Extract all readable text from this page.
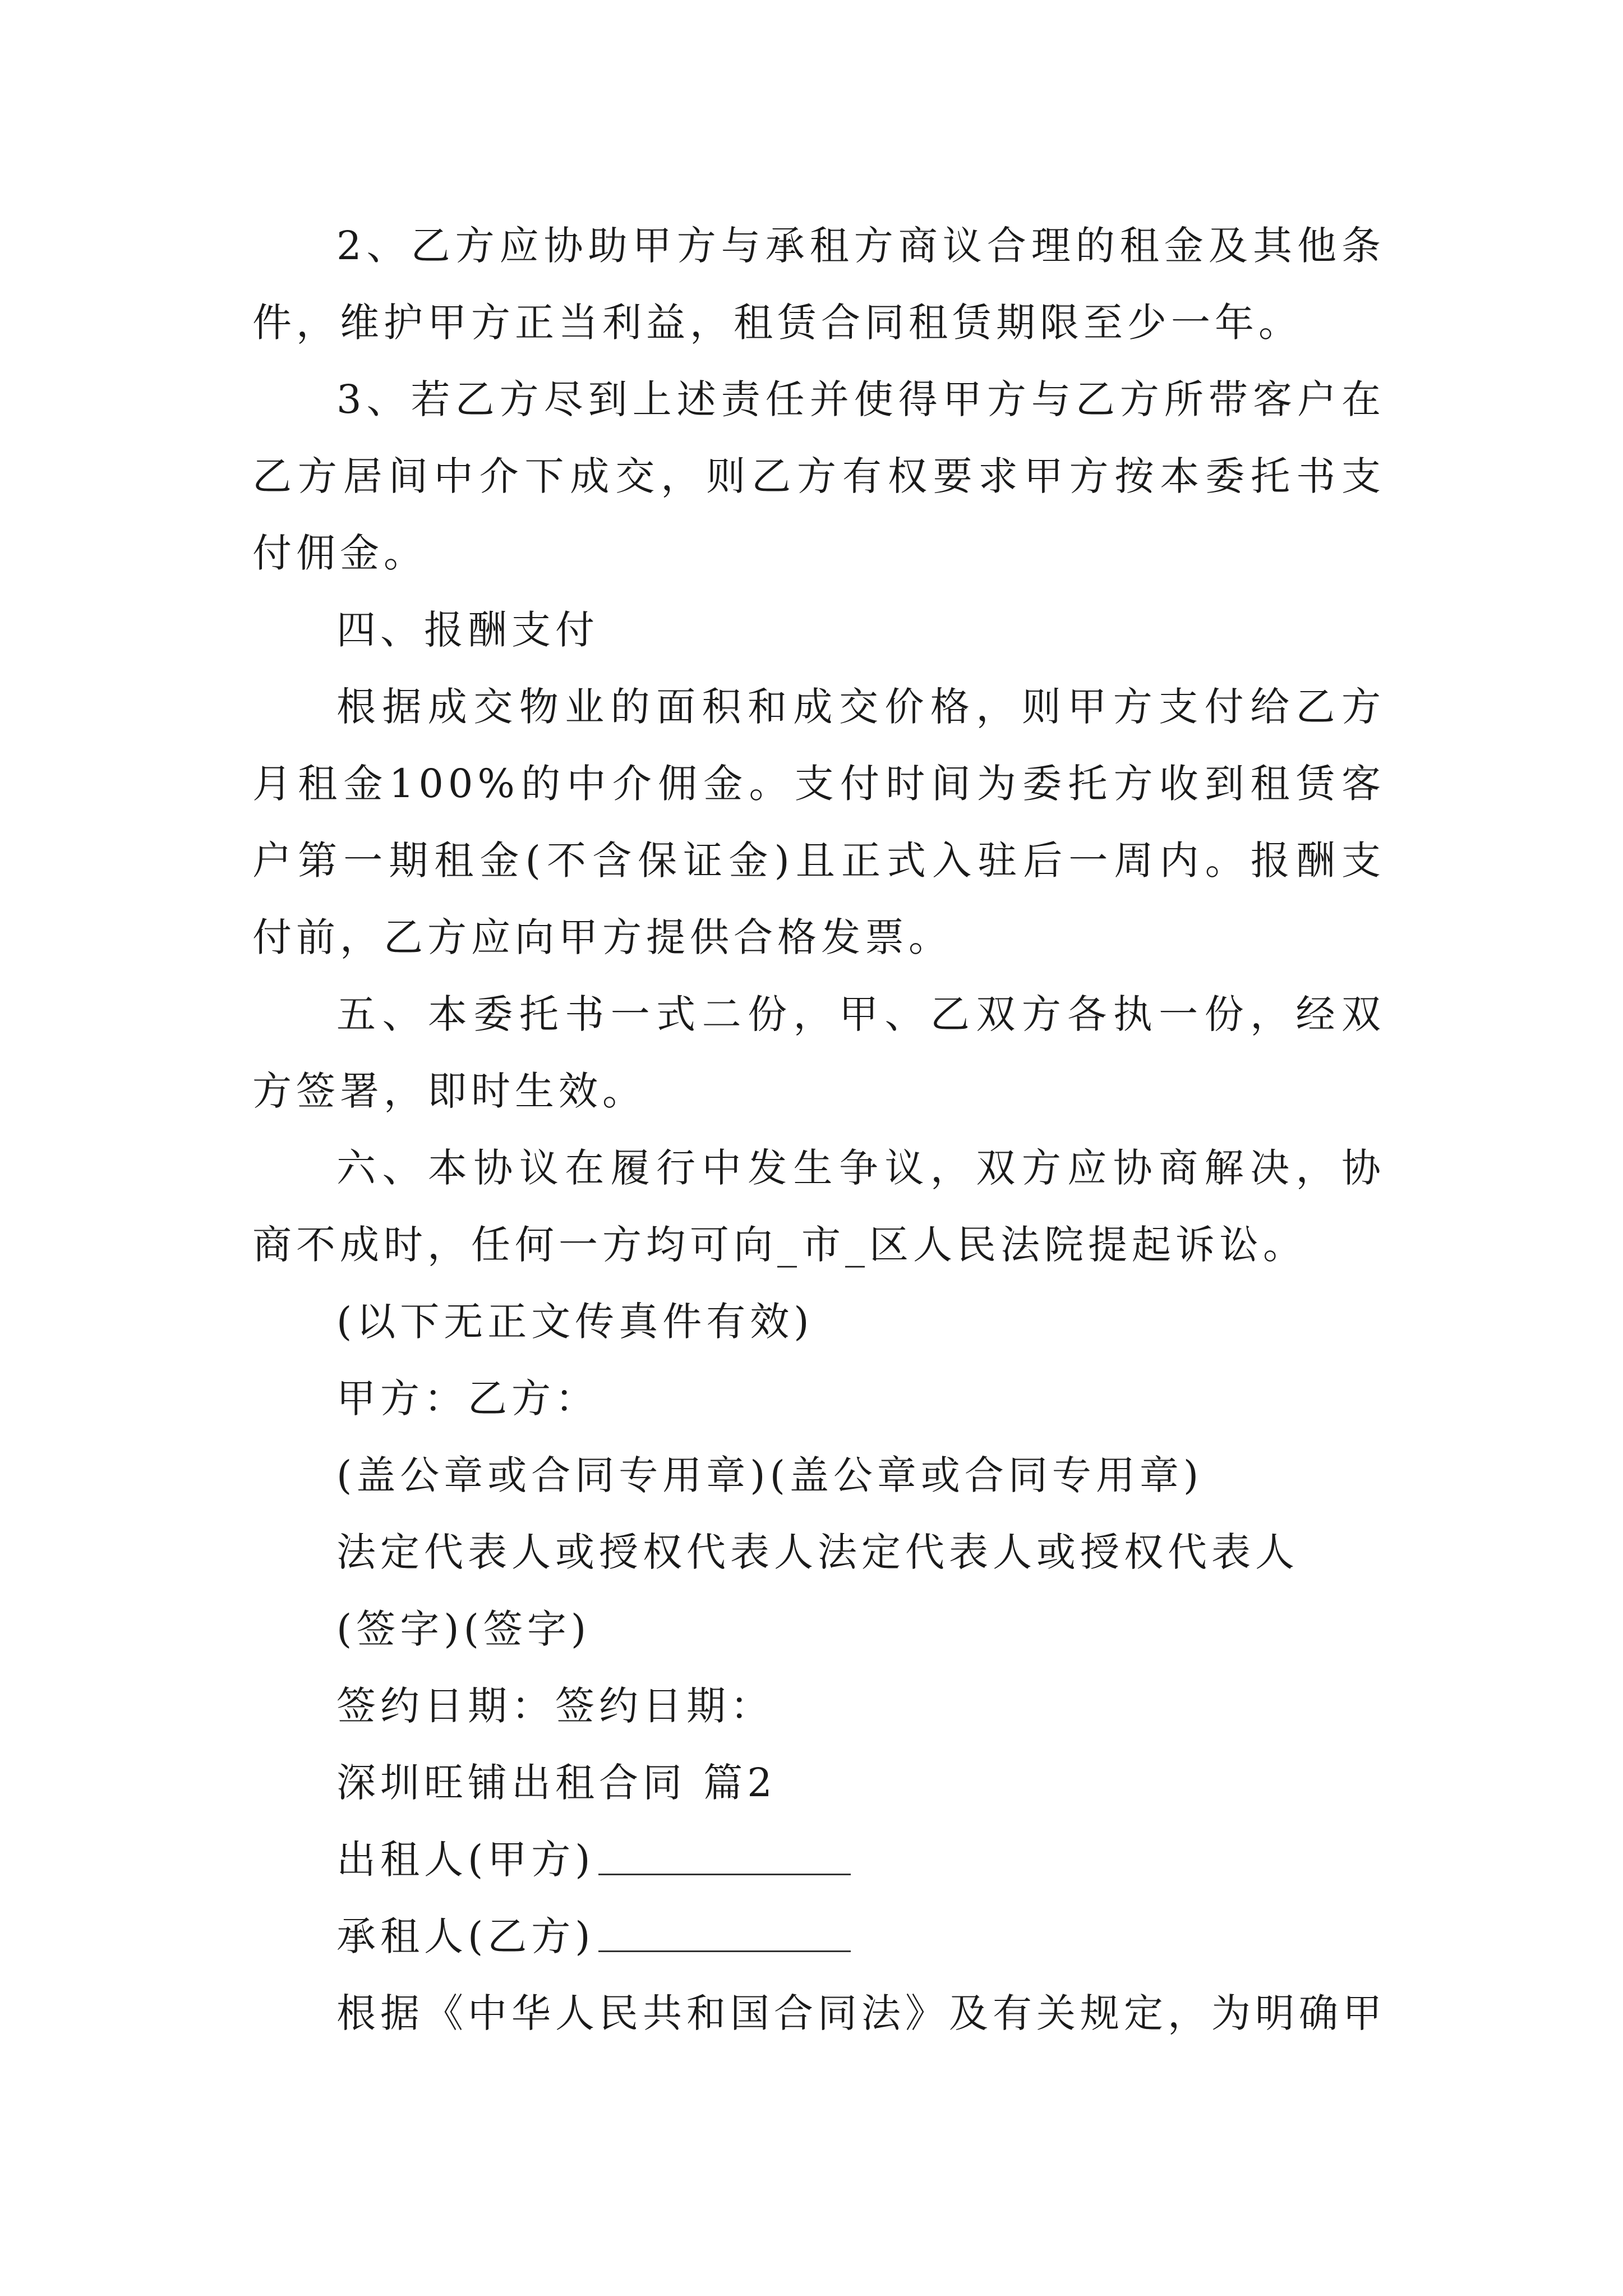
2、乙方应协助甲方与承租方商议合理的租金及其他条件，维护甲方正当利益，租赁合同租赁期限至少一年。

3、若乙方尽到上述责任并使得甲方与乙方所带客户在乙方居间中介下成交，则乙方有权要求甲方按本委托书支付佣金。

四、报酬支付

根据成交物业的面积和成交价格，则甲方支付给乙方月租金100%的中介佣金。支付时间为委托方收到租赁客户第一期租金(不含保证金)且正式入驻后一周内。报酬支付前，乙方应向甲方提供合格发票。

五、本委托书一式二份，甲、乙双方各执一份，经双方签署，即时生效。

六、本协议在履行中发生争议，双方应协商解决，协商不成时，任何一方均可向_市_区人民法院提起诉讼。

(以下无正文传真件有效)

甲方：乙方：

(盖公章或合同专用章)(盖公章或合同专用章)

法定代表人或授权代表人法定代表人或授权代表人

(签字)(签字)

签约日期：签约日期：

深圳旺铺出租合同 篇2

出租人(甲方)

承租人(乙方)

根据《中华人民共和国合同法》及有关规定，为明确甲
